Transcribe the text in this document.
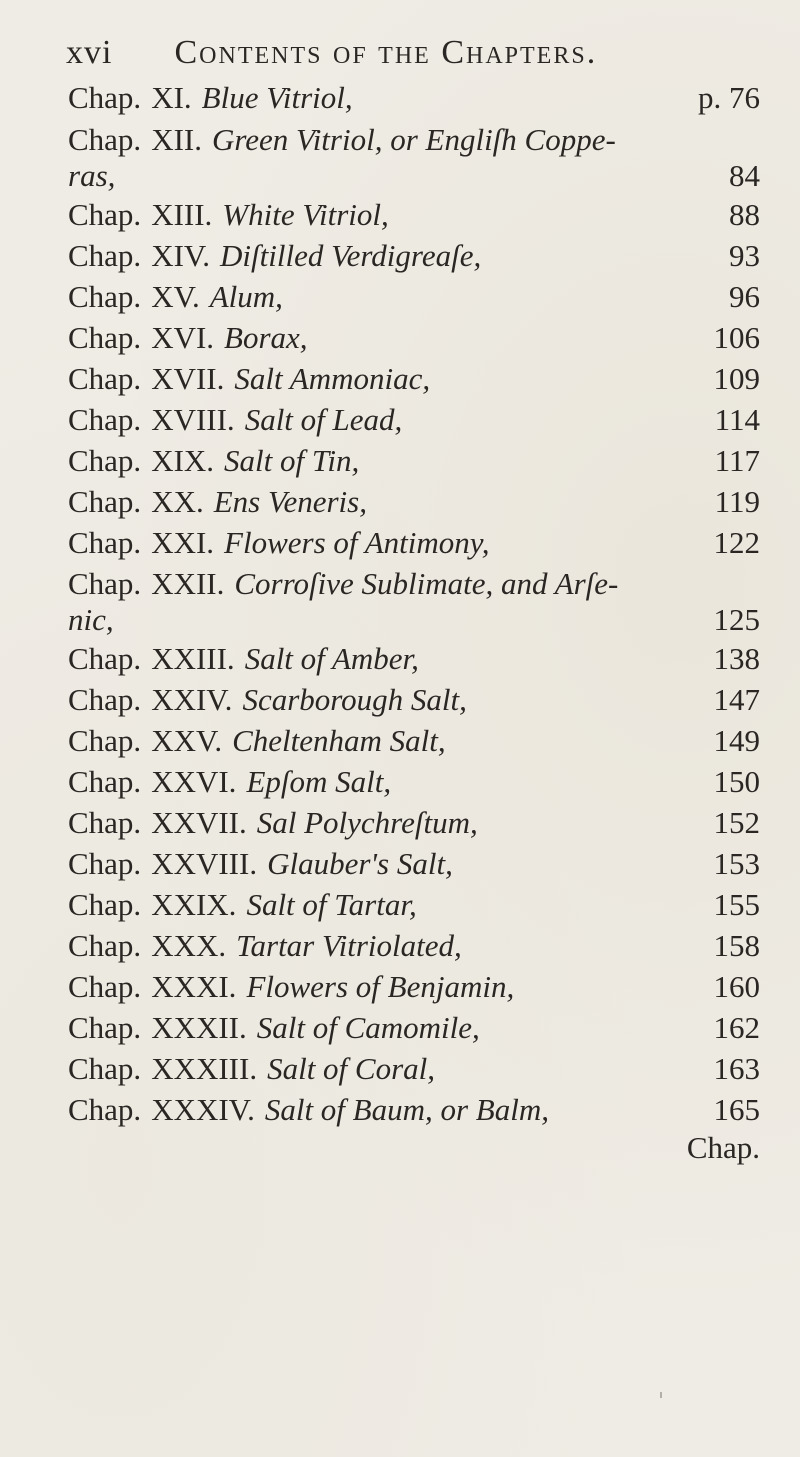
xvi Contents of the Chapters.
Chap. XI. Blue Vitriol,	p. 76
Chap. XII. Green Vitriol, or Engliſh Coppe-
ras,	84
Chap. XIII. White Vitriol,	88
Chap. XIV. Diſtilled Verdigreaſe,	93
Chap. XV. Alum,	96
Chap. XVI. Borax,	106
Chap. XVII. Salt Ammoniac,	109
Chap. XVIII. Salt of Lead,	114
Chap. XIX. Salt of Tin,	117
Chap. XX. Ens Veneris,	119
Chap. XXI. Flowers of Antimony,	122
Chap. XXII. Corroſive Sublimate, and Arſe-
nic,	125
Chap. XXIII. Salt of Amber,	138
Chap. XXIV. Scarborough Salt,	147
Chap. XXV. Cheltenham Salt,	149
Chap. XXVI. Epſom Salt,	150
Chap. XXVII. Sal Polychreſtum,	152
Chap. XXVIII. Glauber's Salt,	153
Chap. XXIX. Salt of Tartar,	155
Chap. XXX. Tartar Vitriolated,	158
Chap. XXXI. Flowers of Benjamin,	160
Chap. XXXII. Salt of Camomile,	162
Chap. XXXIII. Salt of Coral,	163
Chap. XXXIV. Salt of Baum, or Balm,	165
Chap.
